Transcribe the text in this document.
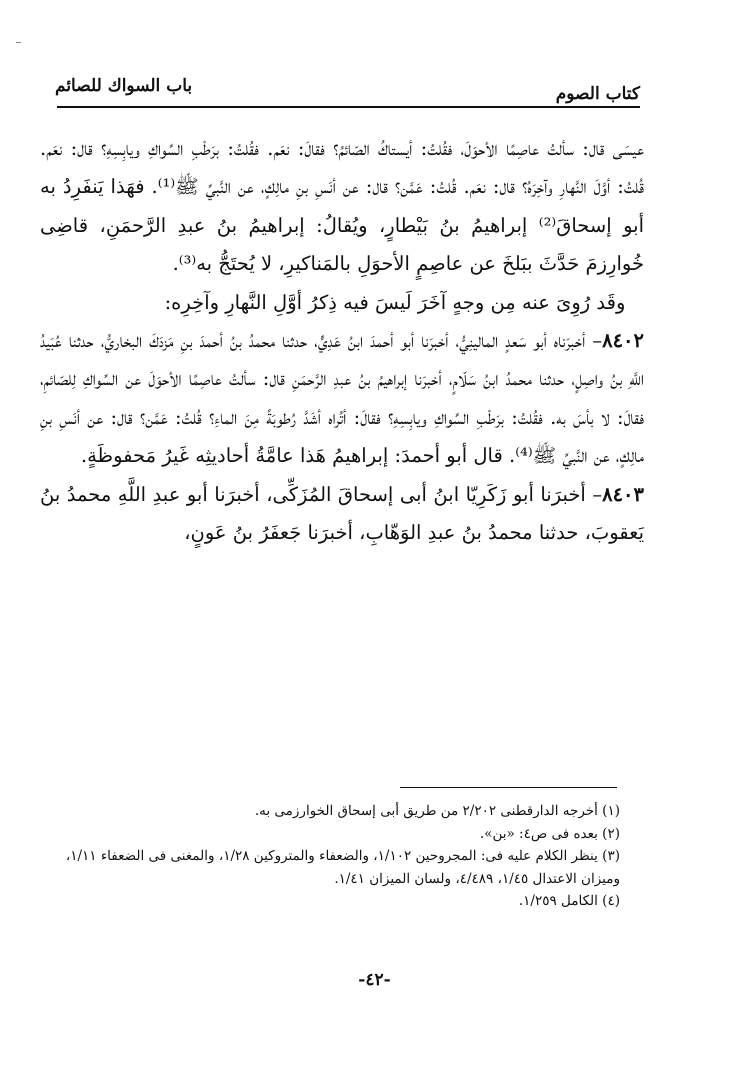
كتاب الصوم
باب السواك للصائم

عيسَى قال: سألتُ عاصِمًا الأحوَلَ، فقُلتُ: أيستاكُ الصّائمُ؟ فقالَ: نعَم. فقُلتُ: برَطْبِ السِّواكِ ويابِسِهِ؟ قال: نعَم. قُلتُ: أوَّلَ النَّهارِ وآخِرَهُ؟ قال: نعَم. قُلتُ: عَمَّن؟ قال: عن أنَسِ بنِ مالِكٍ، عن النَّبيِّ ﷺ⁽¹⁾. فهَذا يَنفَرِدُ به أبو إسحاقَ⁽²⁾ إبراهيمُ بنُ بَيْطارٍ، ويُقالُ: إبراهيمُ بنُ عبدِ الرَّحمَنِ، قاضِى خُوارِزمَ حَدَّثَ ببَلخَ عن عاصِمٍ الأحوَلِ بالمَناكيرِ، لا يُحتَجُّ به⁽³⁾.

وقَد رُوِىَ عنه مِن وجهٍ آخَرَ لَيسَ فيه ذِكرُ أوَّلِ النَّهارِ وآخِرِه:

٨٤٠٢– أخبرَناه أبو سَعدٍ المالينِيُّ، أخبرَنا أبو أحمدَ ابنُ عَدِيٍّ، حدثنا محمدُ بنُ أحمدَ بنِ مَزدَكَ البخاريُّ، حدثنا عُبَيدُ اللَّهِ بنُ واصِلٍ، حدثنا محمدُ ابنُ سَلّامٍ، أخبرَنا إبراهيمُ بنُ عبدِ الرَّحمَنِ قال: سألتُ عاصِمًا الأحوَلَ عن السِّواكِ لِلصّائمِ، فقالَ: لا بأسَ به. فقُلتُ: برَطْبِ السِّواكِ ويابِسِهِ؟ فقالَ: أتُراه أشَدَّ رُطوبَةً مِنَ الماءِ؟ قُلتُ: عَمَّن؟ قال: عن أنَسِ بنِ مالِكٍ، عن النَّبيِّ ﷺ⁽⁴⁾. قال أبو أحمدَ: إبراهيمُ هَذا عامَّةُ أحاديثِه غَيرُ مَحفوظَةٍ.

٨٤٠٣– أخبرَنا أبو زَكَرِيّا ابنُ أبى إسحاقَ المُزَكِّى، أخبرَنا أبو عبدِ اللَّهِ محمدُ بنُ يَعقوبَ، حدثنا محمدُ بنُ عبدِ الوَهّابِ، أخبرَنا جَعفَرُ بنُ عَونٍ،

(١) أخرجه الدارقطنى ٢/٢٠٢ من طريق أبى إسحاق الخوارزمى به.

(٢) بعده فى ص٤: «بن».

(٣) ينظر الكلام عليه فى: المجروحين ١/١٠٢، والضعفاء والمتروكين ١/٢٨، والمغنى فى الضعفاء ١/١١، وميزان الاعتدال ١/٤٥، ٤/٤٨٩، ولسان الميزان ١/٤١.

(٤) الكامل ١/٢٥٩.

-٤٢-
